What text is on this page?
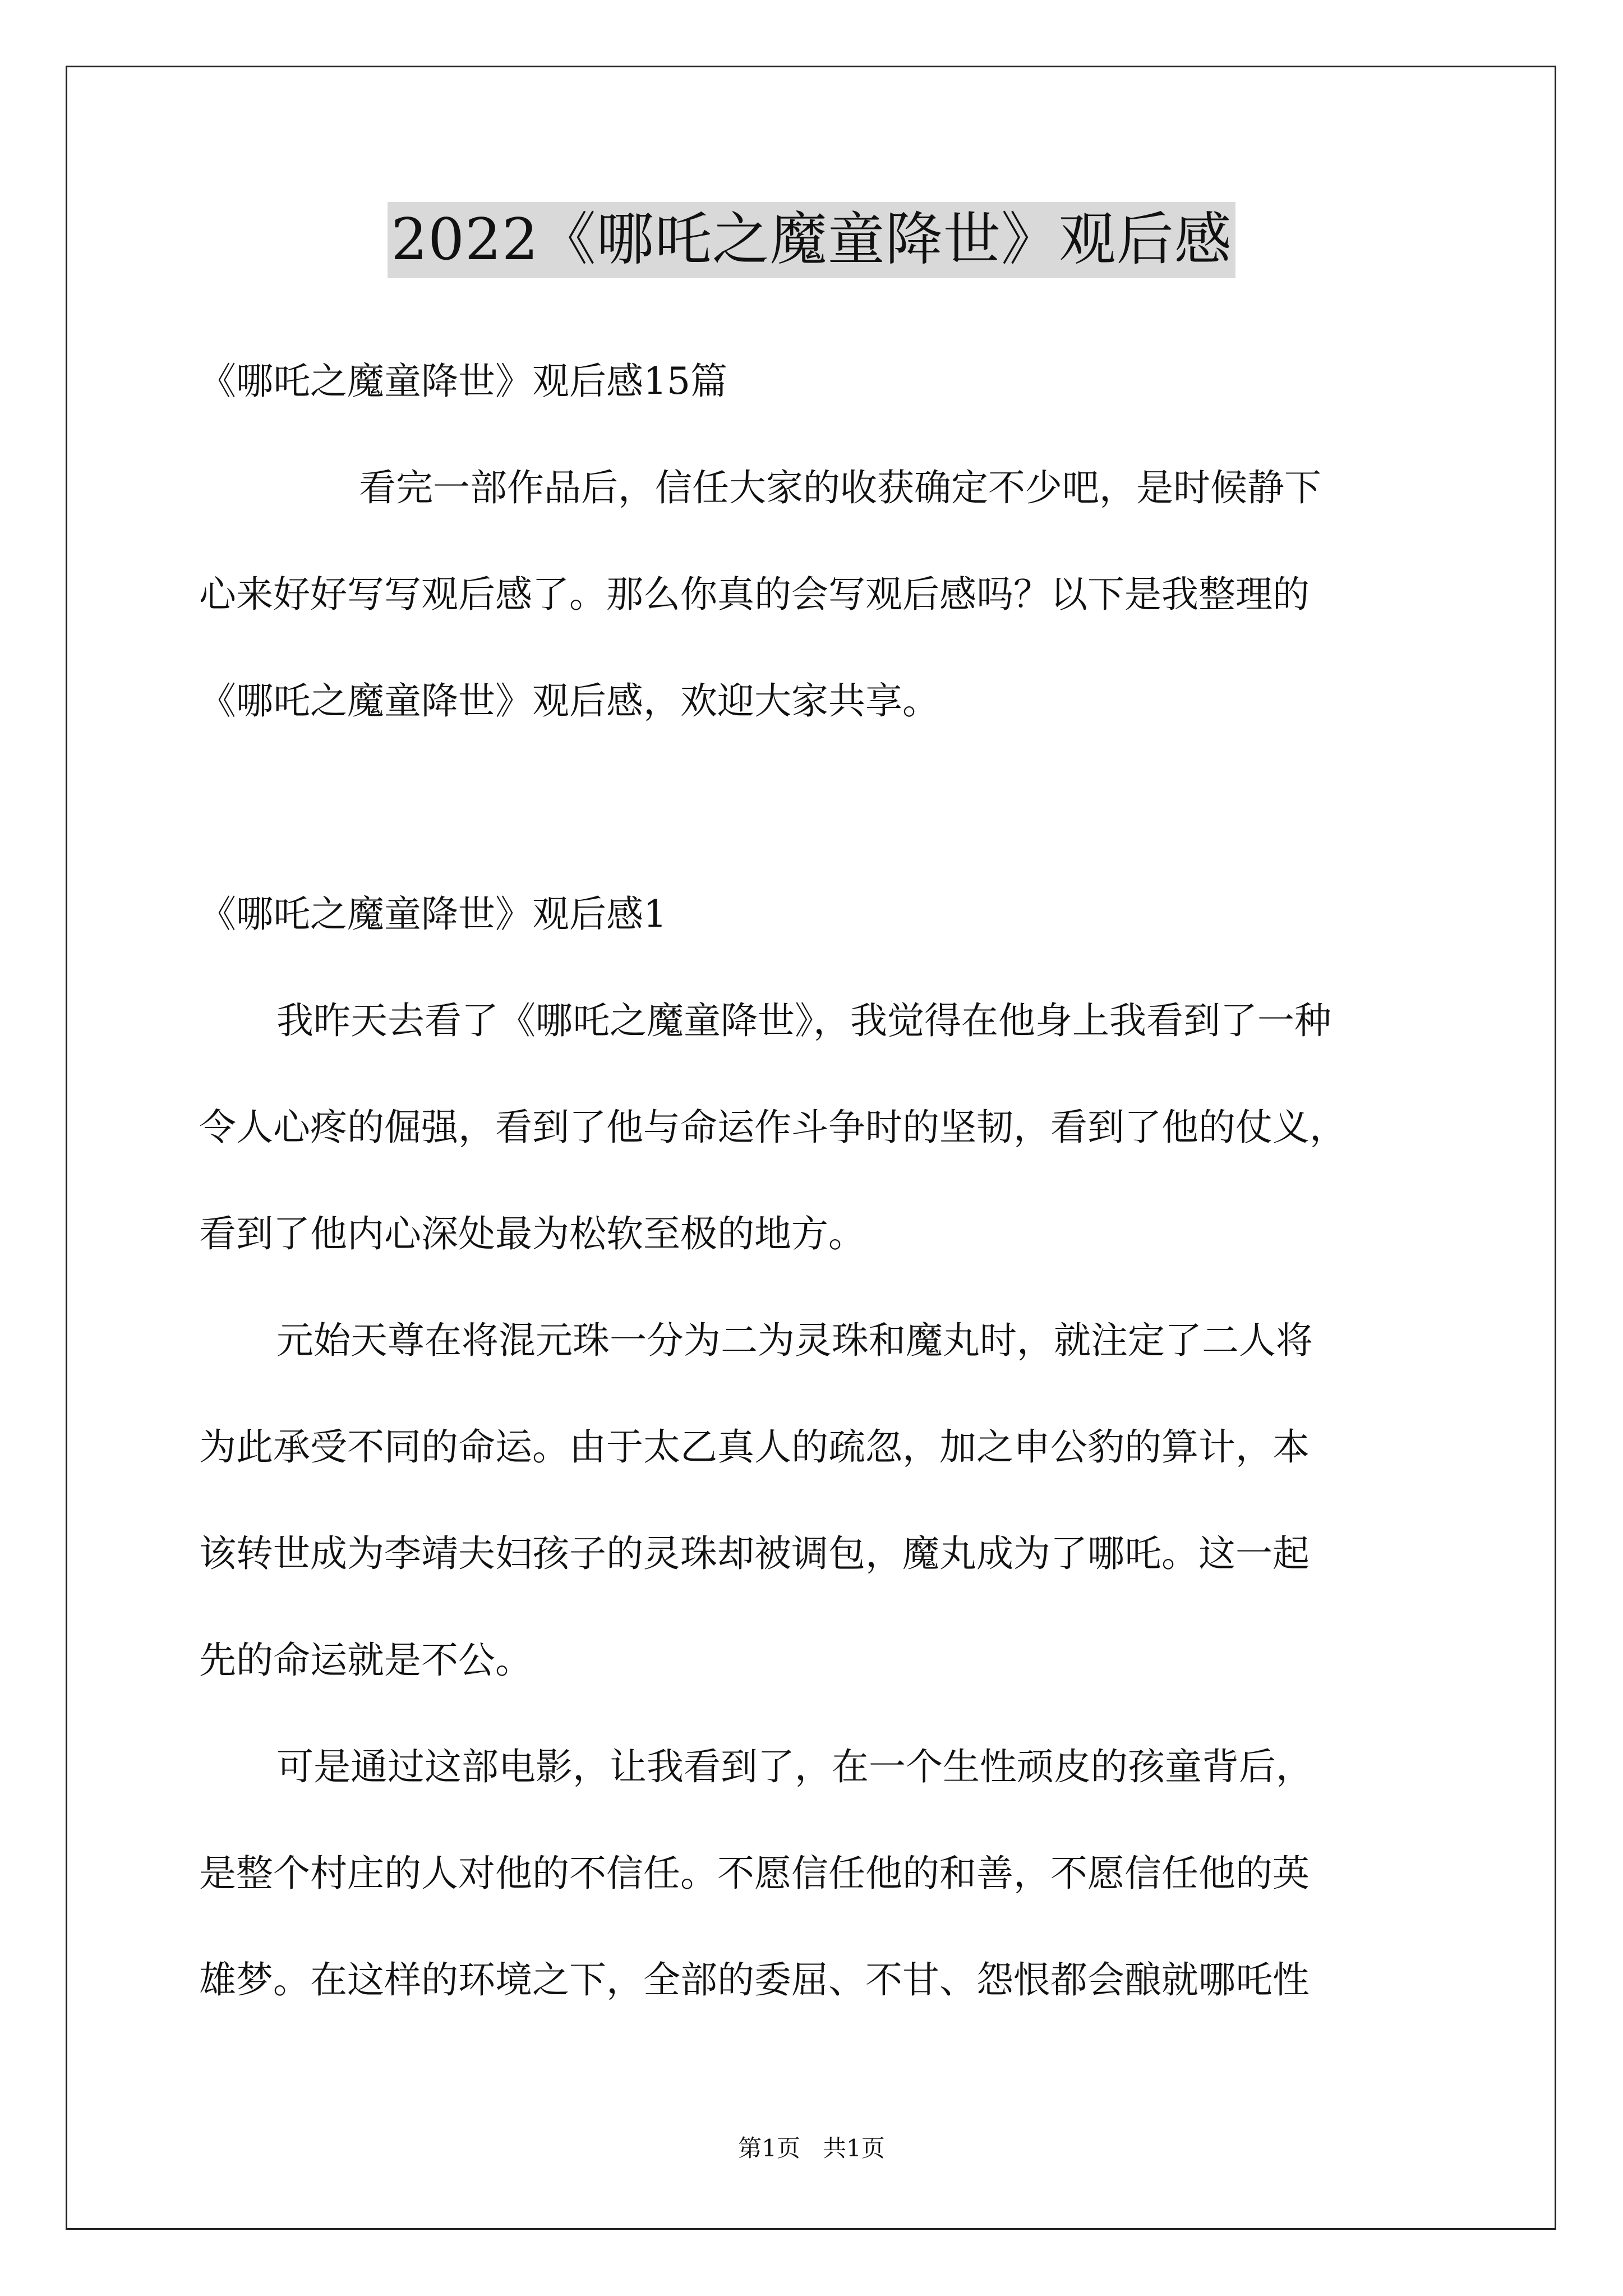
2022《哪吒之魔童降世》观后感
《哪吒之魔童降世》观后感15篇
看完一部作品后，信任大家的收获确定不少吧，是时候静下
心来好好写写观后感了。那么你真的会写观后感吗？以下是我整理的
《哪吒之魔童降世》观后感，欢迎大家共享。
《哪吒之魔童降世》观后感1
我昨天去看了《哪吒之魔童降世》，我觉得在他身上我看到了一种
令人心疼的倔强，看到了他与命运作斗争时的坚韧，看到了他的仗义，
看到了他内心深处最为松软至极的地方。
元始天尊在将混元珠一分为二为灵珠和魔丸时，就注定了二人将
为此承受不同的命运。由于太乙真人的疏忽，加之申公豹的算计，本
该转世成为李靖夫妇孩子的灵珠却被调包，魔丸成为了哪吒。这一起
先的命运就是不公。
可是通过这部电影，让我看到了，在一个生性顽皮的孩童背后，
是整个村庄的人对他的不信任。不愿信任他的和善，不愿信任他的英
雄梦。在这样的环境之下，全部的委屈、不甘、怨恨都会酿就哪吒性
第1页   共1页
